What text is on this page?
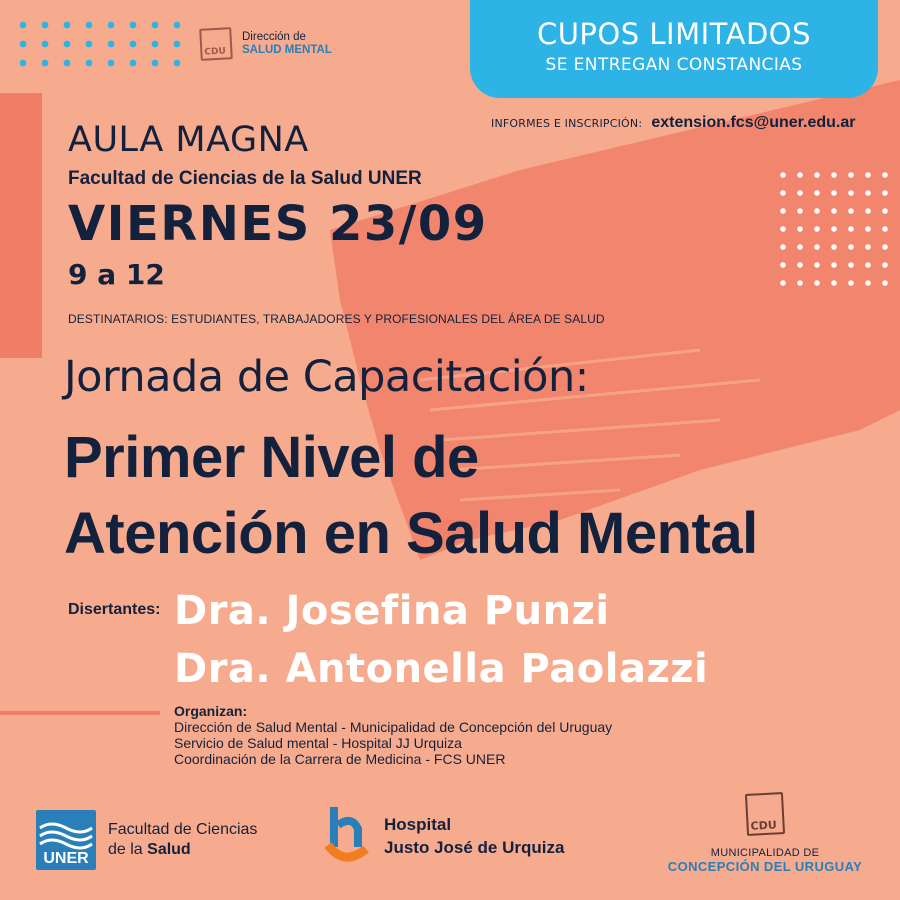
CDU
Dirección de
SALUD MENTAL	CUPOS LIMITADOS
SE ENTREGAN CONSTANCIAS
INFORMES E INSCRIPCIÓN: extension.fcs@uner.edu.ar
AULA MAGNA
Facultad de Ciencias de la Salud UNER
VIERNES 23/09
9 a 12
DESTINATARIOS: ESTUDIANTES, TRABAJADORES Y PROFESIONALES DEL ÁREA DE SALUD
Jornada de Capacitación:
Primer Nivel de
Atención en Salud Mental
Disertantes: Dra. Josefina Punzi
Dra. Antonella Paolazzi
Organizan:
Dirección de Salud Mental - Municipalidad de Concepción del Uruguay
Servicio de Salud mental - Hospital JJ Urquiza
Coordinación de la Carrera de Medicina - FCS UNER
UNER
Facultad de Ciencias
de la Salud
Hospital
Justo José de Urquiza
CDU
MUNICIPALIDAD DE
CONCEPCIÓN DEL URUGUAY
